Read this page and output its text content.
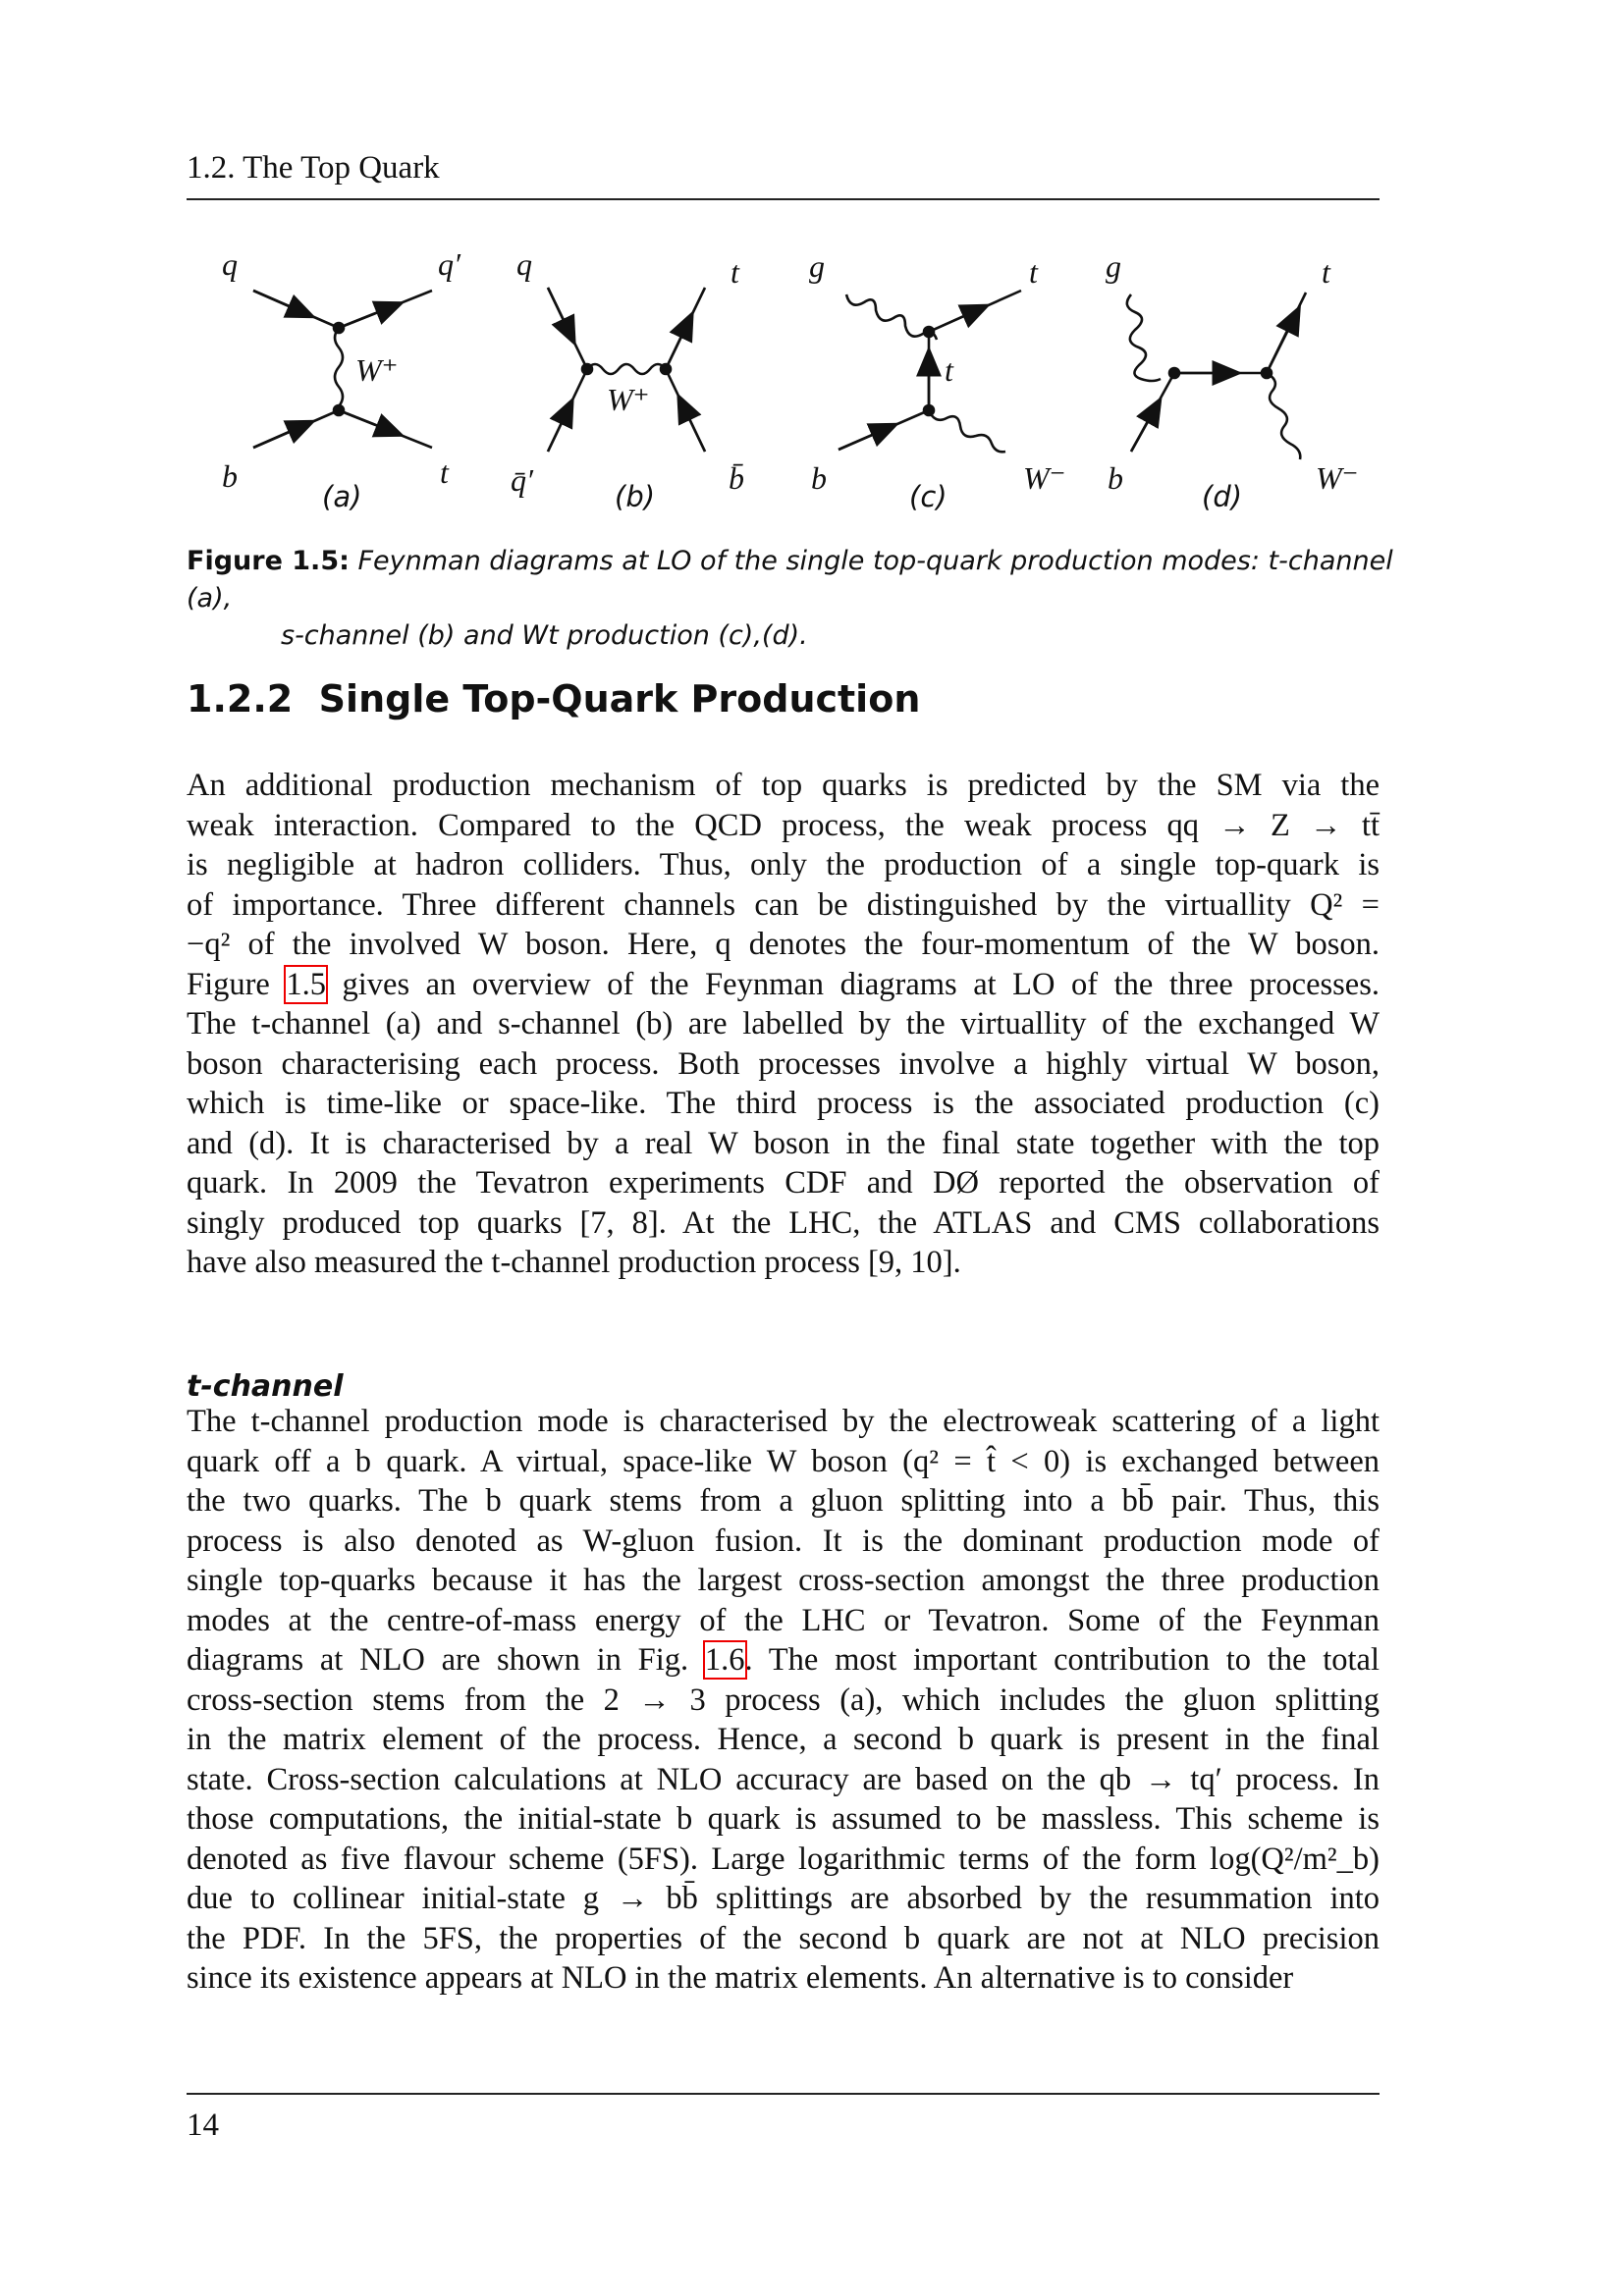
1.2. The Top Quark
q	q′
W⁺
b	t
(a)
q	t
W⁺
q̄′	b̄
(b)
g	t
t
b	W⁻
(c)
g	t
b	W⁻
(d)
Figure 1.5: Feynman diagrams at LO of the single top-quark production modes: t-channel (a),
s-channel (b) and Wt production (c),(d).
1.2.2 Single Top-Quark Production
An additional production mechanism of top quarks is predicted by the SM via the
weak interaction. Compared to the QCD process, the weak process qq → Z → tt̄
is negligible at hadron colliders. Thus, only the production of a single top-quark is
of importance. Three different channels can be distinguished by the virtuallity Q² =
−q² of the involved W boson. Here, q denotes the four-momentum of the W boson.
Figure 1.5 gives an overview of the Feynman diagrams at LO of the three processes.
The t-channel (a) and s-channel (b) are labelled by the virtuallity of the exchanged W
boson characterising each process. Both processes involve a highly virtual W boson,
which is time-like or space-like. The third process is the associated production (c)
and (d). It is characterised by a real W boson in the final state together with the top
quark. In 2009 the Tevatron experiments CDF and DØ reported the observation of
singly produced top quarks [7, 8]. At the LHC, the ATLAS and CMS collaborations
have also measured the t-channel production process [9, 10].
t-channel
The t-channel production mode is characterised by the electroweak scattering of a light
quark off a b quark. A virtual, space-like W boson (q² = t̂ < 0) is exchanged between
the two quarks. The b quark stems from a gluon splitting into a bb̄ pair. Thus, this
process is also denoted as W-gluon fusion. It is the dominant production mode of
single top-quarks because it has the largest cross-section amongst the three production
modes at the centre-of-mass energy of the LHC or Tevatron. Some of the Feynman
diagrams at NLO are shown in Fig. 1.6. The most important contribution to the total
cross-section stems from the 2 → 3 process (a), which includes the gluon splitting
in the matrix element of the process. Hence, a second b quark is present in the final
state. Cross-section calculations at NLO accuracy are based on the qb → tq′ process. In
those computations, the initial-state b quark is assumed to be massless. This scheme is
denoted as five flavour scheme (5FS). Large logarithmic terms of the form log(Q²/m²_b)
due to collinear initial-state g → bb̄ splittings are absorbed by the resummation into
the PDF. In the 5FS, the properties of the second b quark are not at NLO precision
since its existence appears at NLO in the matrix elements. An alternative is to consider
14
